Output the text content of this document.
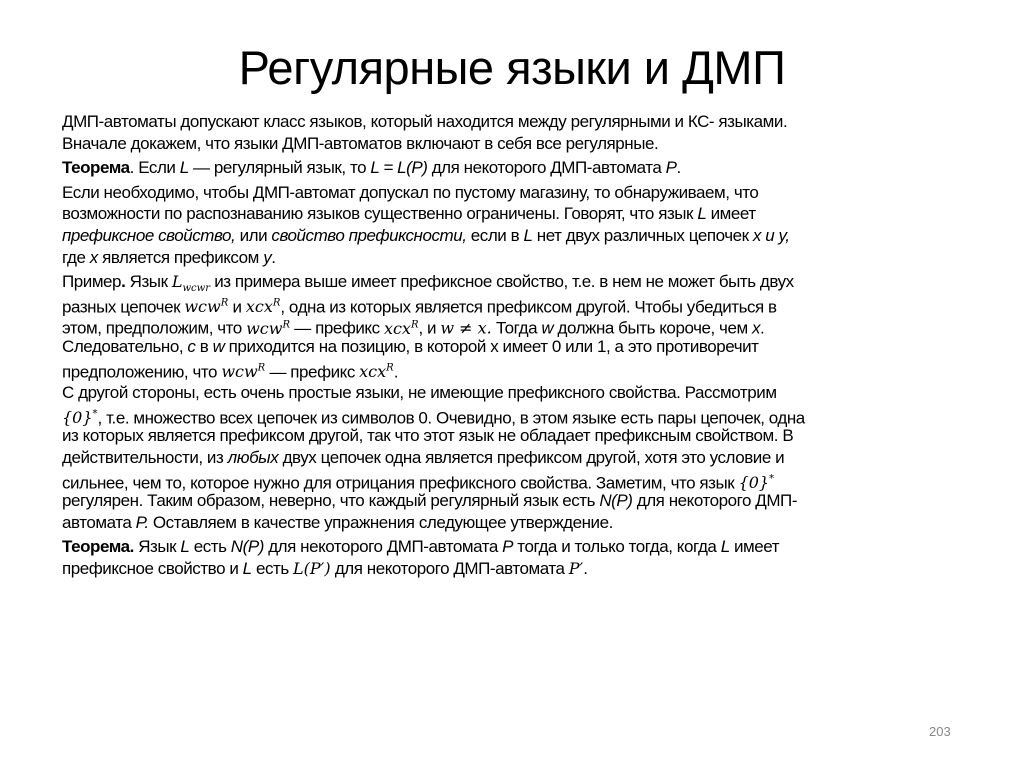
Регулярные языки и ДМП
ДМП-автоматы допускают класс языков, который находится между регулярными и КС- языками.
Вначале докажем, что языки ДМП-автоматов включают в себя все регулярные.
Теорема. Если L — регулярный язык, то L = L(P) для некоторого ДМП-автомата P.
Если необходимо, чтобы ДМП-автомат допускал по пустому магазину, то обнаруживаем, что
возможности по распознаванию языков существенно ограничены. Говорят, что язык L имеет
префиксное свойство, или свойство префиксности, если в L нет двух различных цепочек x и y,
где x является префиксом y.
Пример. Язык $L_{wcwr}$ из примера выше имеет префиксное свойство, т.е. в нем не может быть двух
разных цепочек wcw$^R$ и xcx$^R$, одна из которых является префиксом другой. Чтобы убедиться в
этом, предположим, что wcw$^R$ — префикс xcx$^R$, и w ≠ x. Тогда w должна быть короче, чем x.
Следовательно, c в w приходится на позицию, в которой x имеет 0 или 1, а это противоречит
предположению, что wcw$^R$ — префикс xcx$^R$.
С другой стороны, есть очень простые языки, не имеющие префиксного свойства. Рассмотрим
{0}*, т.е. множество всех цепочек из символов 0. Очевидно, в этом языке есть пары цепочек, одна
из которых является префиксом другой, так что этот язык не обладает префиксным свойством. В
действительности, из любых двух цепочек одна является префиксом другой, хотя это условие и
сильнее, чем то, которое нужно для отрицания префиксного свойства. Заметим, что язык {0}*
регулярен. Таким образом, неверно, что каждый регулярный язык есть N(P) для некоторого ДМП-
автомата P. Оставляем в качестве упражнения следующее утверждение.
Теорема. Язык L есть N(P) для некоторого ДМП-автомата P тогда и только тогда, когда L имеет
префиксное свойство и L есть L(P′) для некоторого ДМП-автомата P′.
203
